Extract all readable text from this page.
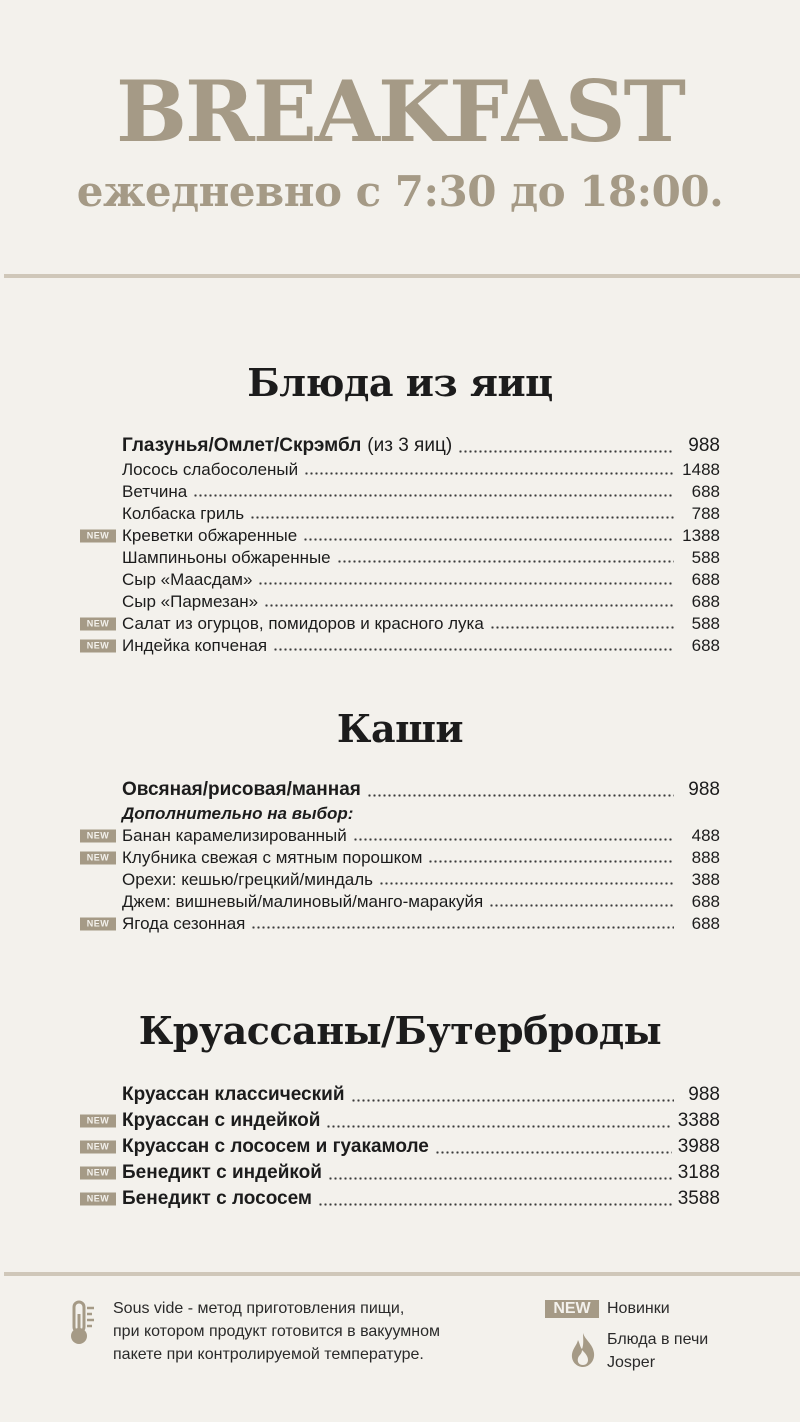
BREAKFAST
ежедневно с 7:30 до 18:00.
Блюда из яиц
Глазунья/Омлет/Скрэмбл (из 3 яиц)	988
Лосось слабосоленый	1488
Ветчина	688
Колбаска гриль	788
NEW Креветки обжаренные	1388
Шампиньоны обжаренные	588
Сыр «Маасдам»	688
Сыр «Пармезан»	688
NEW Салат из огурцов, помидоров и красного лука	588
NEW Индейка копченая	688
Каши
Овсяная/рисовая/манная	988
Дополнительно на выбор:
NEW Банан карамелизированный	488
NEW Клубника свежая с мятным порошком	888
Орехи: кешью/грецкий/миндаль	388
Джем: вишневый/малиновый/манго-маракуйя	688
NEW Ягода сезонная	688
Круассаны/Бутерброды
Круассан классический	988
NEW Круассан с индейкой	3388
NEW Круассан с лососем и гуакамоле	3988
NEW Бенедикт с индейкой	3188
NEW Бенедикт с лососем	3588
Sous vide - метод приготовления пищи,
при котором продукт готовится в вакуумном
пакете при контролируемой температуре.
NEW	Новинки
Блюда в печи
Josper
